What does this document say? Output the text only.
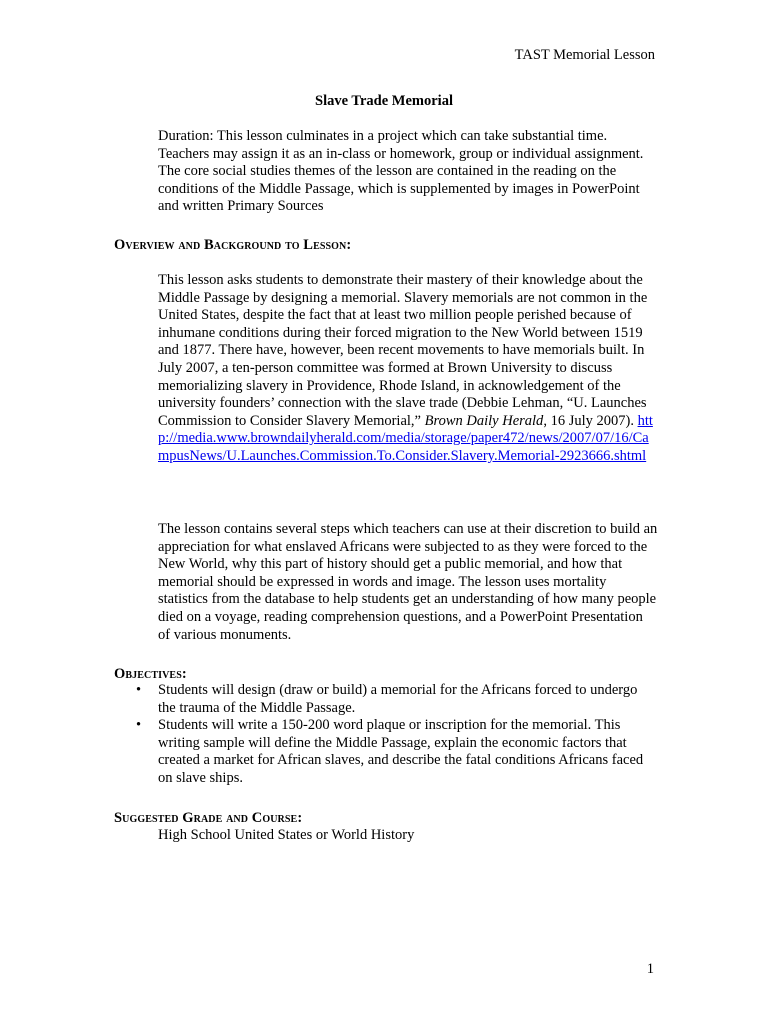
TAST Memorial Lesson
Slave Trade Memorial

Duration: This lesson culminates in a project which can take substantial time. Teachers may assign it as an in-class or homework, group or individual assignment. The core social studies themes of the lesson are contained in the reading on the conditions of the Middle Passage, which is supplemented by images in PowerPoint and written Primary Sources

Overview and Background to Lesson:

This lesson asks students to demonstrate their mastery of their knowledge about the Middle Passage by designing a memorial. Slavery memorials are not common in the United States, despite the fact that at least two million people perished because of inhumane conditions during their forced migration to the New World between 1519 and 1877. There have, however, been recent movements to have memorials built. In July 2007, a ten-person committee was formed at Brown University to discuss memorializing slavery in Providence, Rhode Island, in acknowledgement of the university founders’ connection with the slave trade (Debbie Lehman, “U. Launches Commission to Consider Slavery Memorial,” Brown Daily Herald, 16 July 2007). http://media.www.browndailyherald.com/media/storage/paper472/news/2007/07/16/CampusNews/U.Launches.Commission.To.Consider.Slavery.Memorial-2923666.shtml

The lesson contains several steps which teachers can use at their discretion to build an appreciation for what enslaved Africans were subjected to as they were forced to the New World, why this part of history should get a public memorial, and how that memorial should be expressed in words and image. The lesson uses mortality statistics from the database to help students get an understanding of how many people died on a voyage, reading comprehension questions, and a PowerPoint Presentation of various monuments.

Objectives:
• Students will design (draw or build) a memorial for the Africans forced to undergo the trauma of the Middle Passage.
• Students will write a 150-200 word plaque or inscription for the memorial. This writing sample will define the Middle Passage, explain the economic factors that created a market for African slaves, and describe the fatal conditions Africans faced on slave ships.
Suggested Grade and Course:
High School United States or World History
1
